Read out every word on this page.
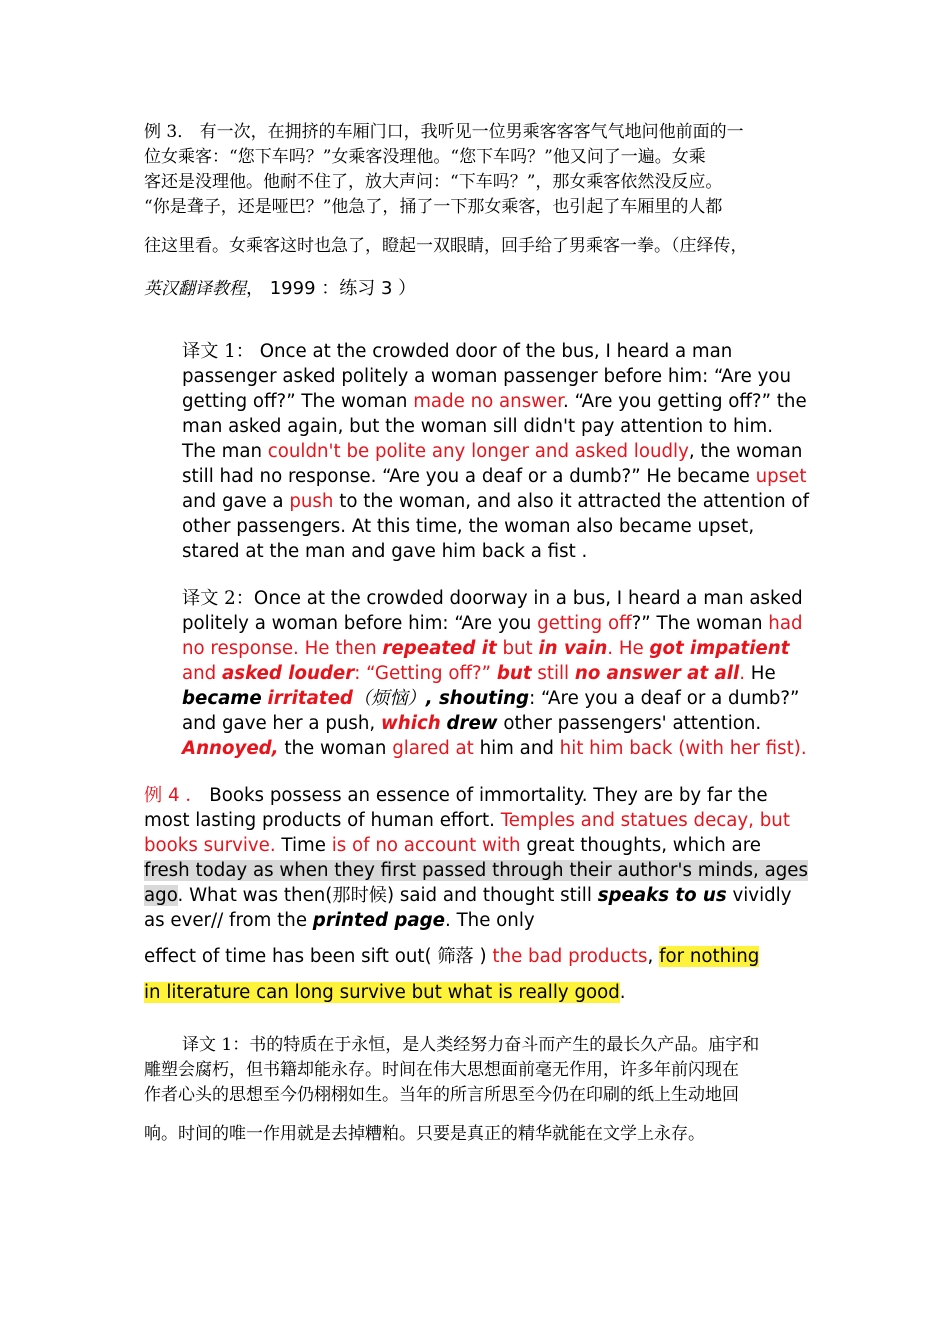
例 3． 有一次，在拥挤的车厢门口，我听见一位男乘客客客气气地问他前面的一
位女乘客：“您下车吗？”女乘客没理他。“您下车吗？”他又问了一遍。女乘
客还是没理他。他耐不住了，放大声问：“下车吗？”，那女乘客依然没反应。
“你是聋子，还是哑巴？”他急了，捅了一下那女乘客，也引起了车厢里的人都
往这里看。女乘客这时也急了，瞪起一双眼睛，回手给了男乘客一拳。（庄绎传，
英汉翻译教程， 1999 ：练习 3 ）

译文 1： Once at the crowded door of the bus, I heard a man passenger asked politely a woman passenger before him: “Are you getting off?” The woman made no answer. “Are you getting off?” the man asked again, but the woman sill didn't pay attention to him. The man couldn't be polite any longer and asked loudly, the woman still had no response. “Are you a deaf or a dumb?” He became upset and gave a push to the woman, and also it attracted the attention of other passengers. At this time, the woman also became upset, stared at the man and gave him back a fist .

译文 2：Once at the crowded doorway in a bus, I heard a man asked politely a woman before him: “Are you getting off?” The woman had no response. He then repeated it but in vain. He got impatient and asked louder: “Getting off?” but still no answer at all. He became irritated（烦恼）, shouting: “Are you a deaf or a dumb?” and gave her a push, which drew other passengers' attention. Annoyed, the woman glared at him and hit him back (with her fist).

例 4 ． Books possess an essence of immortality. They are by far the most lasting products of human effort. Temples and statues decay, but books survive. Time is of no account with great thoughts, which are fresh today as when they first passed through their author's minds, ages ago. What was then(那时候) said and thought still speaks to us vividly as ever// from the printed page. The only

effect of time has been sift out( 筛落 ) the bad products, for nothing

in literature can long survive but what is really good.

译文 1：书的特质在于永恒，是人类经努力奋斗而产生的最长久产品。庙宇和
雕塑会腐朽，但书籍却能永存。时间在伟大思想面前毫无作用，许多年前闪现在
作者心头的思想至今仍栩栩如生。当年的所言所思至今仍在印刷的纸上生动地回
响。时间的唯一作用就是去掉糟粕。只要是真正的精华就能在文学上永存。
